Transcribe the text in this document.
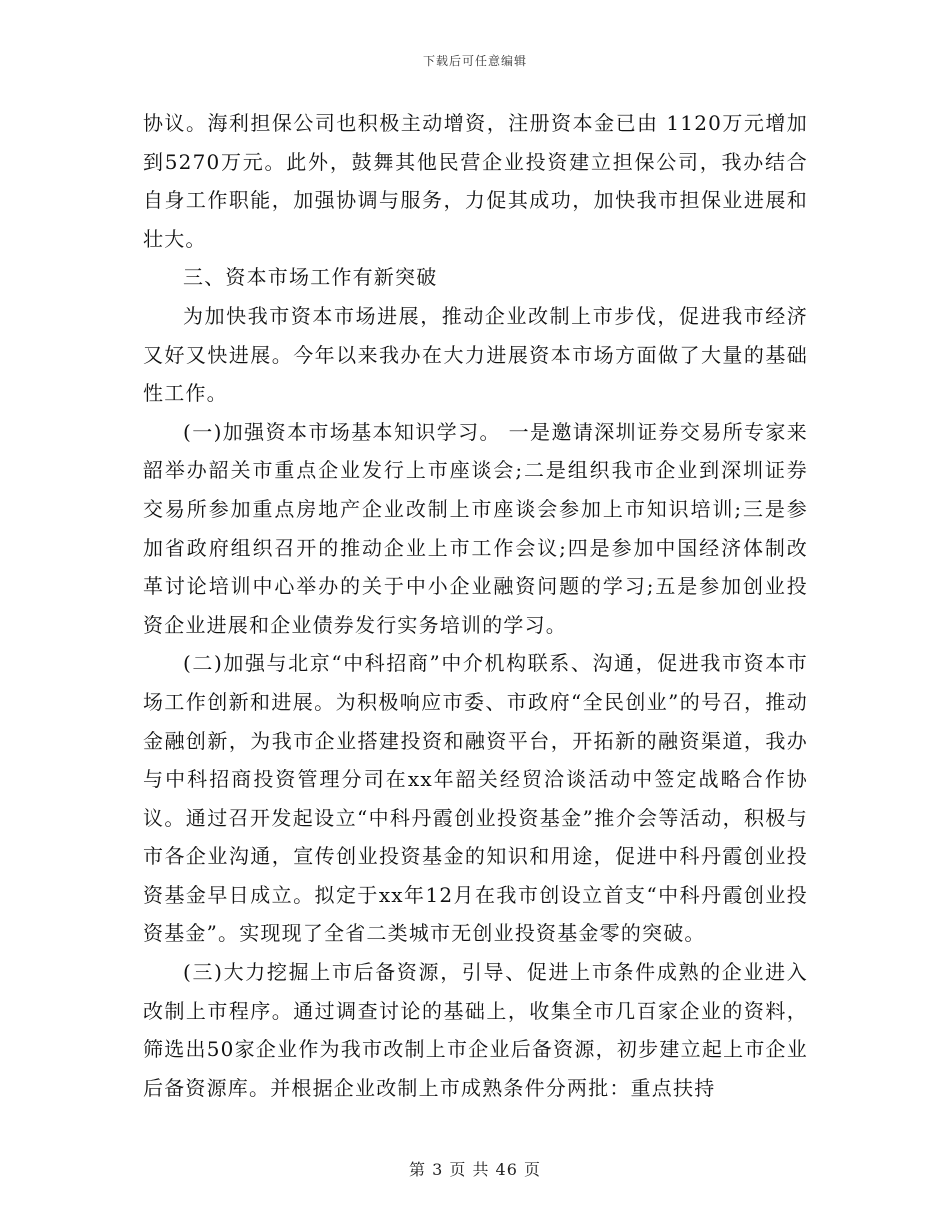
下载后可任意编辑

协议。海利担保公司也积极主动增资，注册资本金已由 1120万元增加到5270万元。此外，鼓舞其他民营企业投资建立担保公司，我办结合自身工作职能，加强协调与服务，力促其成功，加快我市担保业进展和壮大。

三、资本市场工作有新突破

为加快我市资本市场进展，推动企业改制上市步伐，促进我市经济又好又快进展。今年以来我办在大力进展资本市场方面做了大量的基础性工作。

(一)加强资本市场基本知识学习。 一是邀请深圳证券交易所专家来韶举办韶关市重点企业发行上市座谈会;二是组织我市企业到深圳证券交易所参加重点房地产企业改制上市座谈会参加上市知识培训;三是参加省政府组织召开的推动企业上市工作会议;四是参加中国经济体制改革讨论培训中心举办的关于中小企业融资问题的学习;五是参加创业投资企业进展和企业债券发行实务培训的学习。

(二)加强与北京“中科招商”中介机构联系、沟通，促进我市资本市场工作创新和进展。为积极响应市委、市政府“全民创业”的号召，推动金融创新，为我市企业搭建投资和融资平台，开拓新的融资渠道，我办与中科招商投资管理分司在xx年韶关经贸洽谈活动中签定战略合作协议。通过召开发起设立“中科丹霞创业投资基金”推介会等活动，积极与市各企业沟通，宣传创业投资基金的知识和用途，促进中科丹霞创业投资基金早日成立。拟定于xx年12月在我市创设立首支“中科丹霞创业投资基金”。实现现了全省二类城市无创业投资基金零的突破。

(三)大力挖掘上市后备资源，引导、促进上市条件成熟的企业进入改制上市程序。通过调查讨论的基础上，收集全市几百家企业的资料，筛选出50家企业作为我市改制上市企业后备资源，初步建立起上市企业后备资源库。并根据企业改制上市成熟条件分两批：重点扶持

第 3 页 共 46 页
